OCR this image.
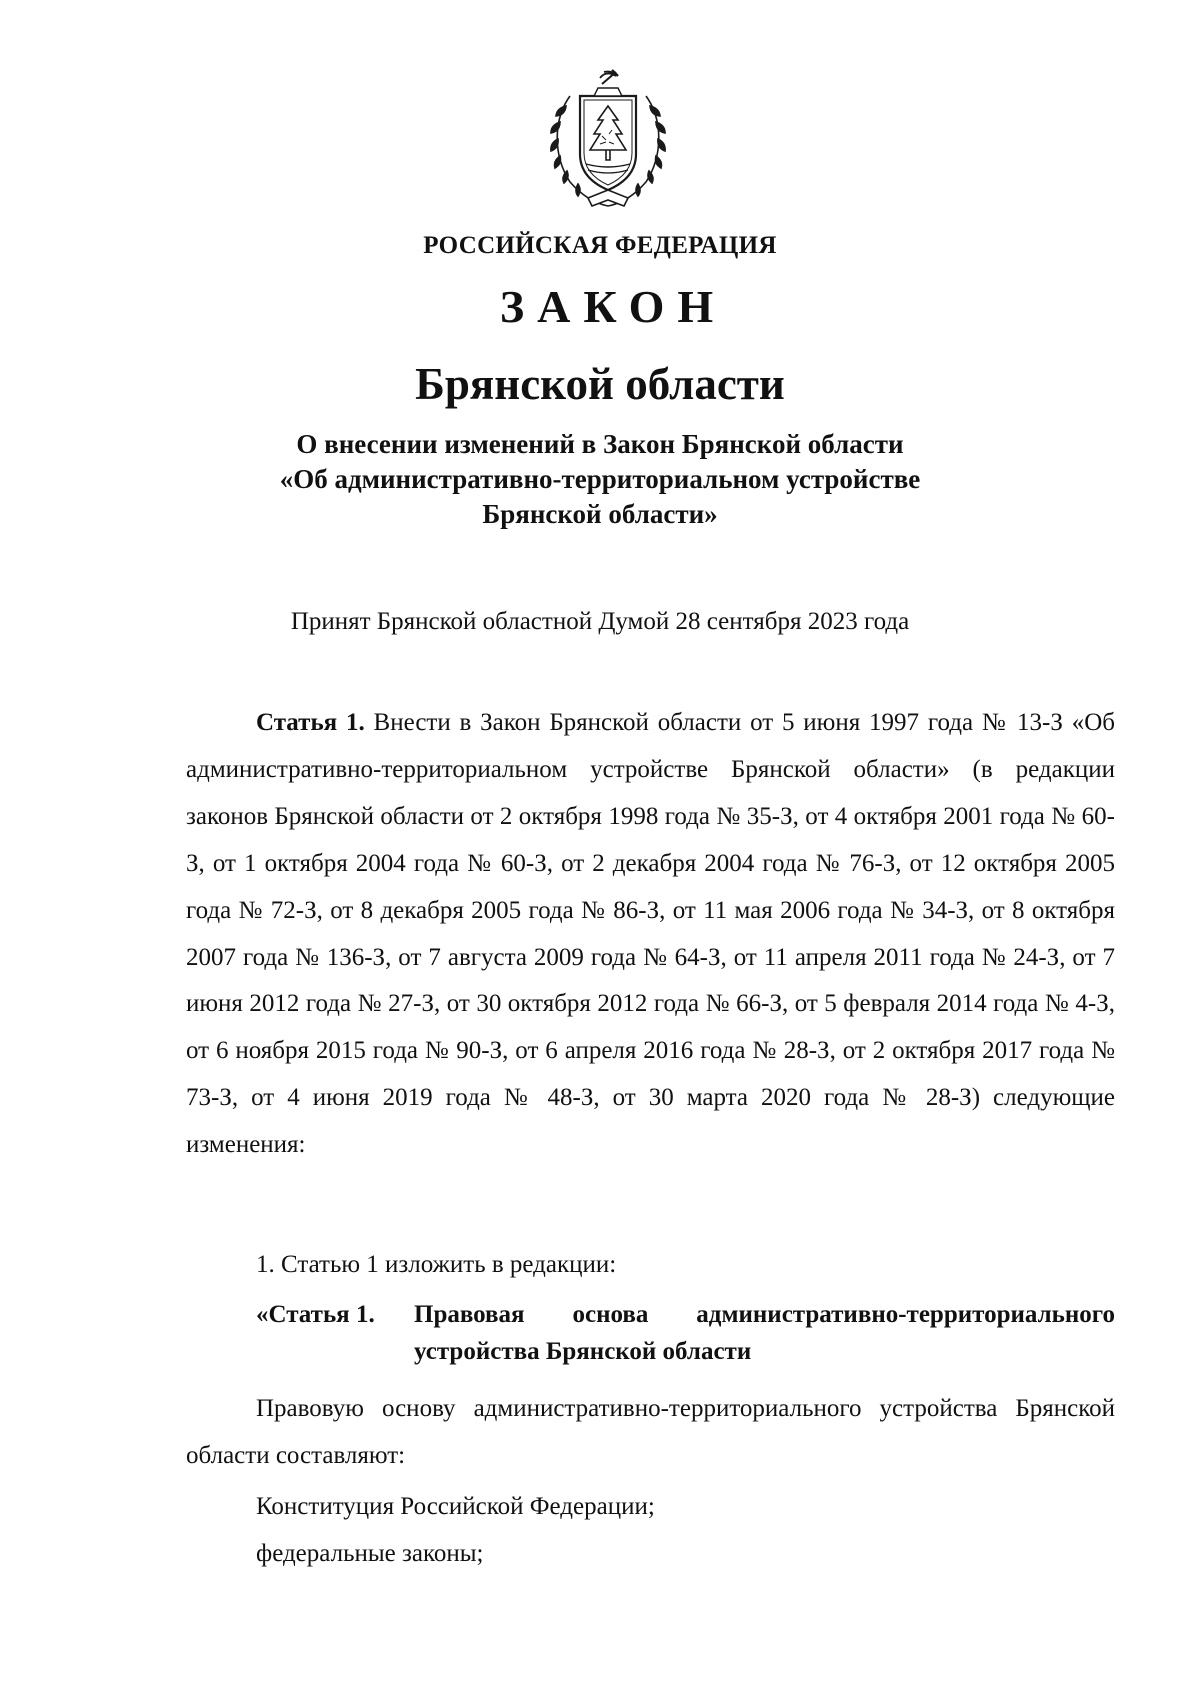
РОССИЙСКАЯ ФЕДЕРАЦИЯ
ЗАКОН
Брянской области
О внесении изменений в Закон Брянской области
«Об административно-территориальном устройстве
Брянской области»
Принят Брянской областной Думой 28 сентября 2023 года
Статья 1. Внести в Закон Брянской области от 5 июня 1997 года № 13-З «Об административно-территориальном устройстве Брянской области» (в редакции законов Брянской области от 2 октября 1998 года № 35-З, от 4 октября 2001 года № 60-З, от 1 октября 2004 года № 60-З, от 2 декабря 2004 года № 76-З, от 12 октября 2005 года № 72-З, от 8 декабря 2005 года № 86-З, от 11 мая 2006 года № 34-З, от 8 октября 2007 года № 136-З, от 7 августа 2009 года № 64-З, от 11 апреля 2011 года № 24-З, от 7 июня 2012 года № 27-З, от 30 октября 2012 года № 66-З, от 5 февраля 2014 года № 4-З, от 6 ноября 2015 года № 90-З, от 6 апреля 2016 года № 28-З, от 2 октября 2017 года № 73-З, от 4 июня 2019 года № 48-З, от 30 марта 2020 года № 28-З) следующие изменения:
1. Статью 1 изложить в редакции:
«Статья 1. Правовая основа административно-территориального устройства Брянской области
Правовую основу административно-территориального устройства Брянской области составляют:
Конституция Российской Федерации;
федеральные законы;
